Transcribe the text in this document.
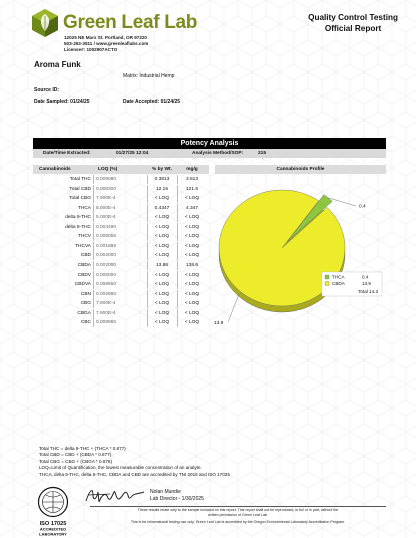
Green Leaf Lab
12025 NE Marx St. Portland, OR 97220
503-253-3511 / www.greenleaflabs.com
License#: 1002907ACTO
Quality Control Testing
Official Report
Aroma Funk
Matrix: Industrial Hemp
Source ID:
Date Sampled: 01/24/25	Date Accepted: 01/24/25
Potency Analysis
Date/Time Extracted:	01/27/25 12:04	Analysis Method/SOP:	215
Cannabinoids	LOQ (%)	% by Wt.	mg/g	Cannabinoids Profile
Total THC 0.009080	0.3813	3.813
Total CBD 0.008300	12.15	121.5
Total CBG 7.900E-4	< LOQ	< LOQ
THCA 5.000E-4	0.4347	4.347
delta 9-THC 5.000E-4	< LOQ	< LOQ
delta 8-THC 0.004490	< LOQ	< LOQ
THCV 0.005055	< LOQ	< LOQ
THCVA 0.001885	< LOQ	< LOQ
CBD 0.002000	< LOQ	< LOQ
CBDA 0.002000	13.86	138.6
CBDV 0.005000	< LOQ	< LOQ
CBDVA 0.006560	< LOQ	< LOQ
CBN 0.002990	< LOQ	< LOQ
CBG 7.900E-4	< LOQ	< LOQ
CBGA 7.900E-4	< LOQ	< LOQ
CBC 0.008965	< LOQ	< LOQ
0.4
13.9
THCA	0.4
CBDA	13.9
Total 14.3
Total THC = delta 9-THC + (THCA * 0.877)
Total CBD = CBD + (CBDA * 0.877)
Total CBG = CBG + (CBGA * 0.878)
LOQ=Limit of Quantification, the lowest measurable concentration of an analyte.
THCA, delta 9-THC, delta 8-THC, CBDA and CBD are accredited by TNI 2016 and ISO 17025
ISO 17025
ACCREDITED
LABORATORY
Nolan Mundie
Lab Director - 1/30/2025
These results relate only to the sample included on this report. This report shall not be reproduced, in full or in part, without the
written permission of Green Leaf Lab.
This is for informational testing use only. Green Leaf Lab is accredited by the Oregon Environmental Laboratory Accreditation Program.
